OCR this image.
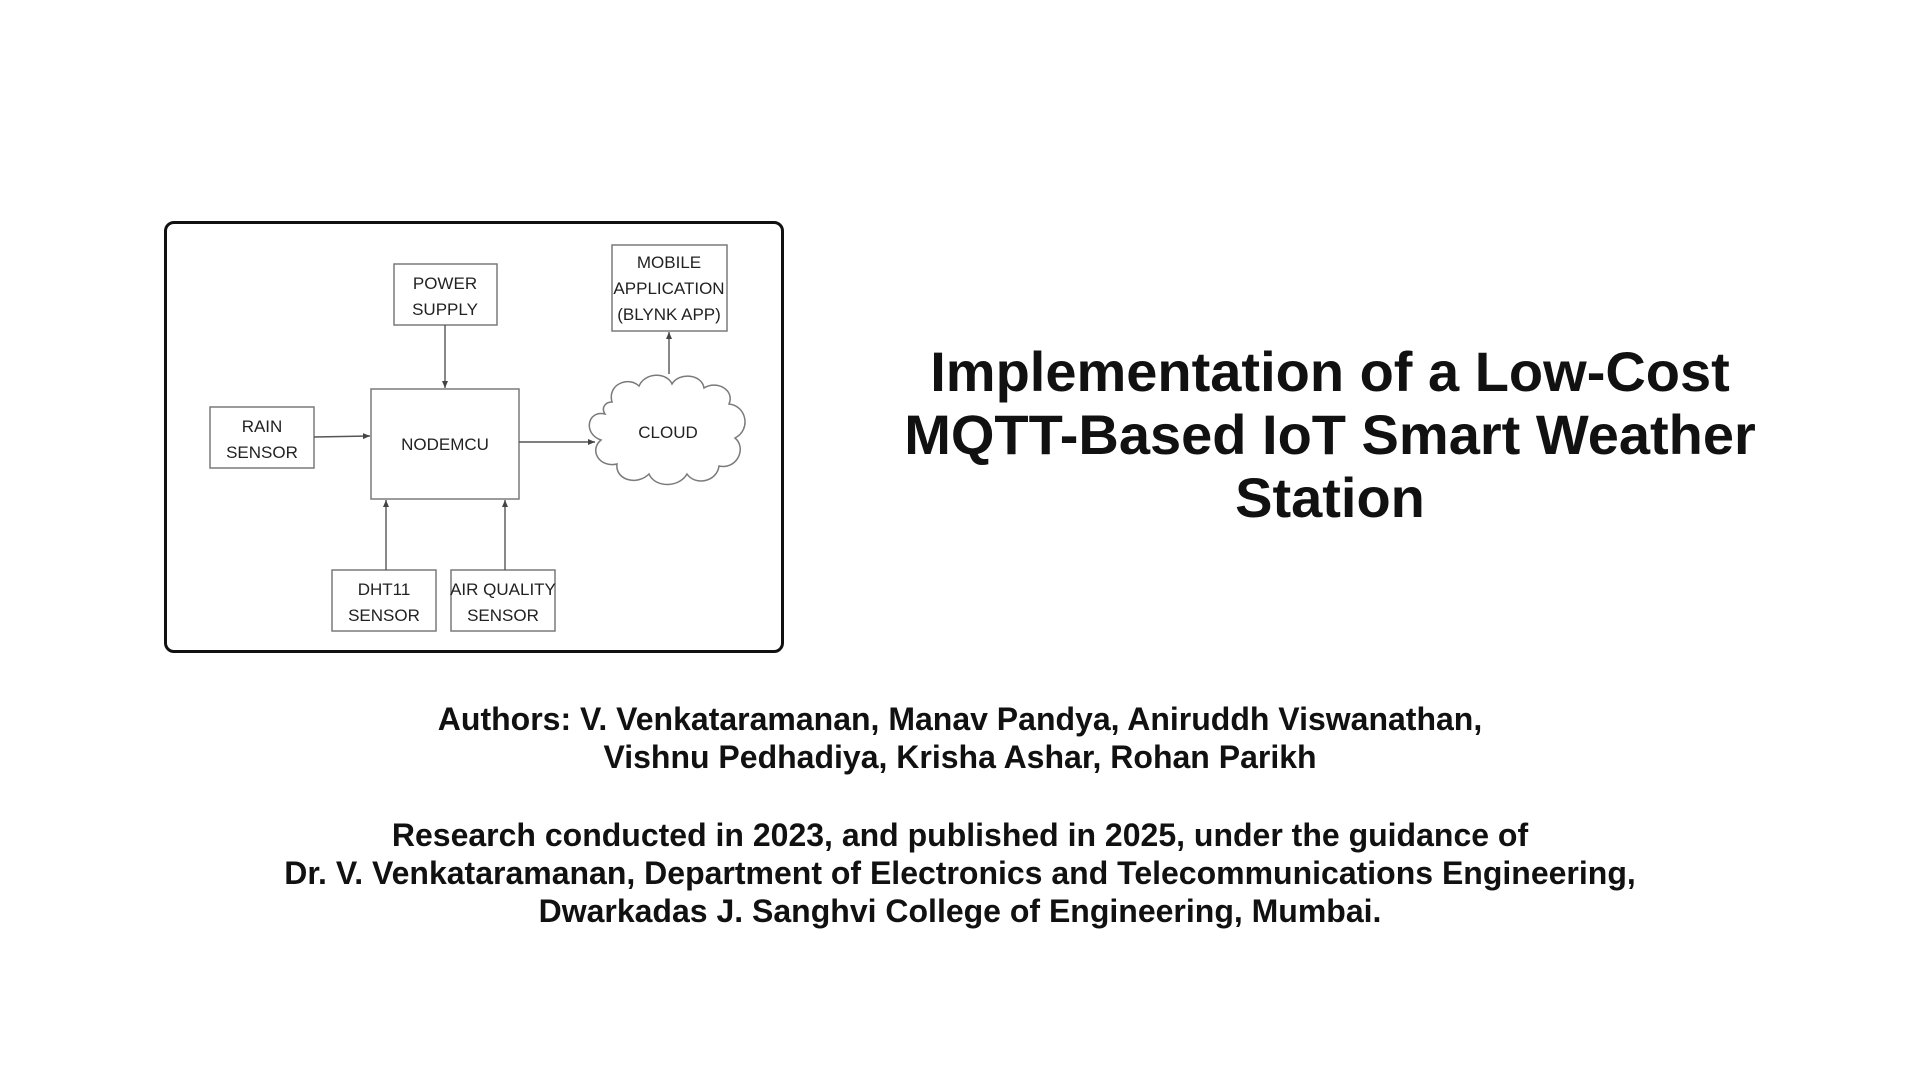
POWER
SUPPLY
MOBILE
APPLICATION
(BLYNK APP)
RAIN
SENSOR	NODEMCU
CLOUD
DHT11
SENSOR
AIR QUALITY
SENSOR
Implementation of a Low-Cost
MQTT-Based IoT Smart Weather
Station
Authors: V. Venkataramanan, Manav Pandya, Aniruddh Viswanathan,
Vishnu Pedhadiya, Krisha Ashar, Rohan Parikh
Research conducted in 2023, and published in 2025, under the guidance of
Dr. V. Venkataramanan, Department of Electronics and Telecommunications Engineering,
Dwarkadas J. Sanghvi College of Engineering, Mumbai.
